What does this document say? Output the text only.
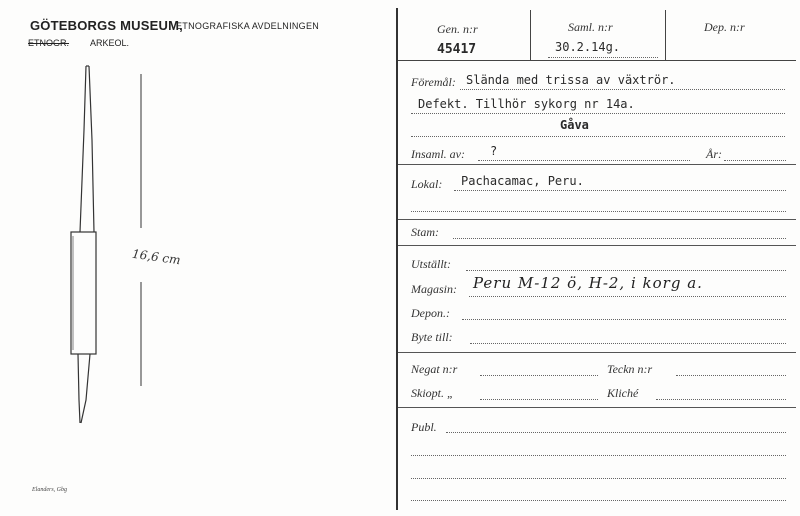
GÖTEBORGS MUSEUM,
ETNOGRAFISKA AVDELNINGEN
ETNOGR. ARKEOL.
16,6 cm
Elanders, Gbg
Gen. n:r	Saml. n:r	Dep. n:r
45417	30.2.14g.
Föremål: Slända med trissa av växtrör.
Defekt. Tillhör sykorg nr 14a.
Gåva
Insaml. av: ?	År:
Lokal: Pachacamac, Peru.
Stam:
Utställt:
Magasin: Peru M-12 ö, H-2, i korg a.
Depon.:
Byte till:
Negat n:r	Teckn n:r
Skiopt. „	Kliché
Publ.
